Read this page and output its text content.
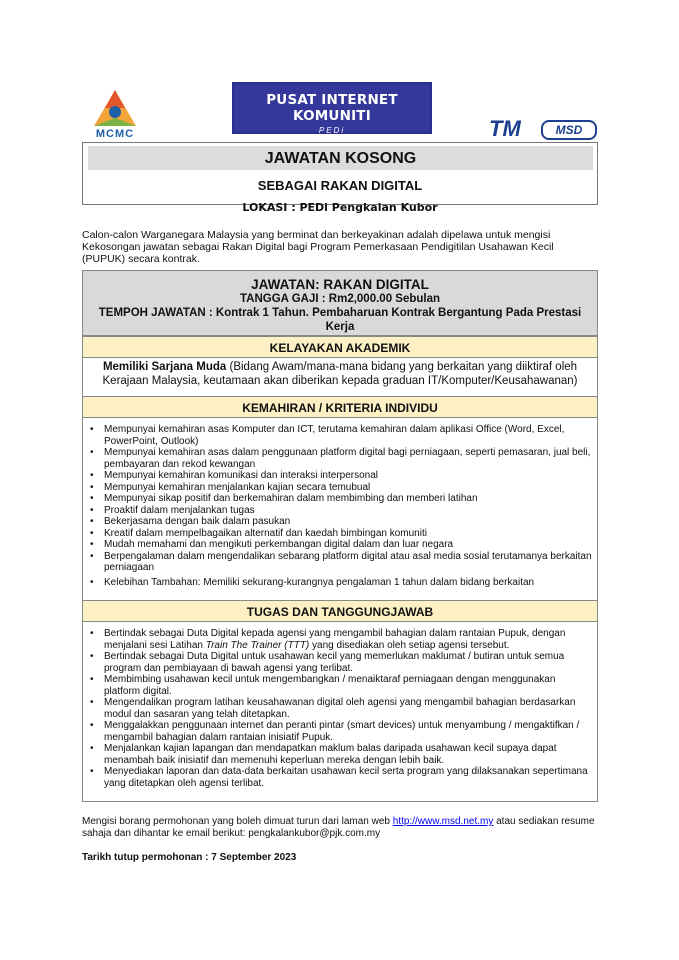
MCMC
PUSAT INTERNET KOMUNITI
PEDi	TM	MSD
JAWATAN KOSONG
SEBAGAI RAKAN DIGITAL
LOKASI : PEDi Pengkalan Kubor
Calon-calon Warganegara Malaysia yang berminat dan berkeyakinan adalah dipelawa untuk mengisi Kekosongan jawatan sebagai Rakan Digital bagi Program Pemerkasaan Pendigitilan Usahawan Kecil (PUPUK) secara kontrak.
JAWATAN: RAKAN DIGITAL
TANGGA GAJI : Rm2,000.00 Sebulan
TEMPOH JAWATAN : Kontrak 1 Tahun. Pembaharuan Kontrak Bergantung Pada Prestasi Kerja
KELAYAKAN AKADEMIK
Memiliki Sarjana Muda (Bidang Awam/mana-mana bidang yang berkaitan yang diiktiraf oleh Kerajaan Malaysia, keutamaan akan diberikan kepada graduan IT/Komputer/Keusahawanan)
KEMAHIRAN / KRITERIA INDIVIDU
• Mempunyai kemahiran asas Komputer dan ICT, terutama kemahiran dalam aplikasi Office (Word, Excel, PowerPoint, Outlook)
• Mempunyai kemahiran asas dalam penggunaan platform digital bagi perniagaan, seperti pemasaran, jual beli, pembayaran dan rekod kewangan
• Mempunyai kemahiran komunikasi dan interaksi interpersonal
• Mempunyai kemahiran menjalankan kajian secara temubual
• Mempunyai sikap positif dan berkemahiran dalam membimbing dan memberi latihan
• Proaktif dalam menjalankan tugas
• Bekerjasama dengan baik dalam pasukan
• Kreatif dalam mempelbagaikan alternatif dan kaedah bimbingan komuniti
• Mudah memahami dan mengikuti perkembangan digital dalam dan luar negara
• Berpengalaman dalam mengendalikan sebarang platform digital atau asal media sosial terutamanya berkaitan perniagaan
• Kelebihan Tambahan: Memiliki sekurang-kurangnya pengalaman 1 tahun dalam bidang berkaitan
TUGAS DAN TANGGUNGJAWAB
• Bertindak sebagai Duta Digital kepada agensi yang mengambil bahagian dalam rantaian Pupuk, dengan menjalani sesi Latihan Train The Trainer (TTT) yang disediakan oleh setiap agensi tersebut.
• Bertindak sebagai Duta Digital untuk usahawan kecil yang memerlukan maklumat / butiran untuk semua program dan pembiayaan di bawah agensi yang terlibat.
• Membimbing usahawan kecil untuk mengembangkan / menaiktaraf perniagaan dengan menggunakan platform digital.
• Mengendalikan program latihan keusahawanan digital oleh agensi yang mengambil bahagian berdasarkan modul dan sasaran yang telah ditetapkan.
• Menggalakkan penggunaan internet dan peranti pintar (smart devices) untuk menyambung / mengaktifkan / mengambil bahagian dalam rantaian inisiatif Pupuk.
• Menjalankan kajian lapangan dan mendapatkan maklum balas daripada usahawan kecil supaya dapat menambah baik inisiatif dan memenuhi keperluan mereka dengan lebih baik.
• Menyediakan laporan dan data-data berkaitan usahawan kecil serta program yang dilaksanakan sepertimana yang ditetapkan oleh agensi terlibat.
Mengisi borang permohonan yang boleh dimuat turun dari laman web http://www.msd.net.my atau sediakan resume sahaja dan dihantar ke email berikut: pengkalankubor@pjk.com.my
Tarikh tutup permohonan : 7 September 2023
